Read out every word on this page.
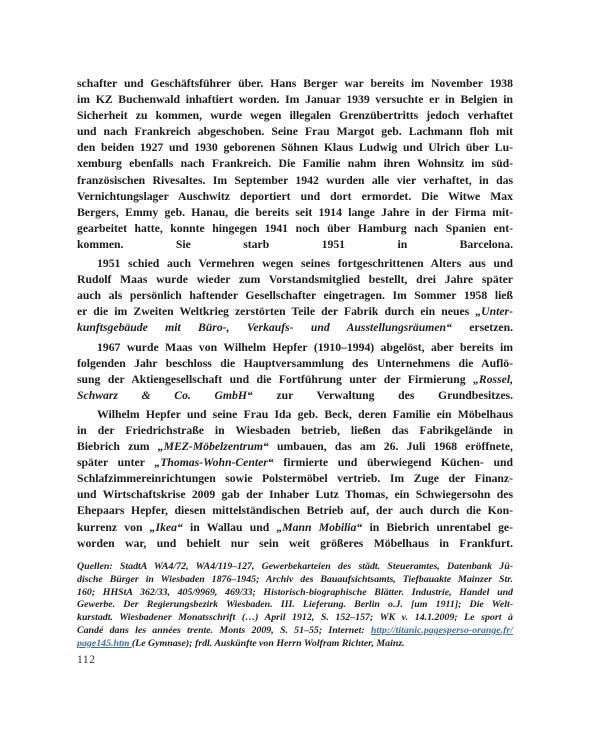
schafter und Geschäftsführer über. Hans Berger war bereits im November 1938
im KZ Buchenwald inhaftiert worden. Im Januar 1939 versuchte er in Belgien in
Sicherheit zu kommen, wurde wegen illegalen Grenzübertritts jedoch verhaftet
und nach Frankreich abgeschoben. Seine Frau Margot geb. Lachmann floh mit
den beiden 1927 und 1930 geborenen Söhnen Klaus Ludwig und Ulrich über Lu-
xemburg ebenfalls nach Frankreich. Die Familie nahm ihren Wohnsitz im süd-
französischen Rivesaltes. Im September 1942 wurden alle vier verhaftet, in das
Vernichtungslager Auschwitz deportiert und dort ermordet. Die Witwe Max
Bergers, Emmy geb. Hanau, die bereits seit 1914 lange Jahre in der Firma mit-
gearbeitet hatte, konnte hingegen 1941 noch über Hamburg nach Spanien ent-
kommen. Sie starb 1951 in Barcelona.
1951 schied auch Vermehren wegen seines fortgeschrittenen Alters aus und
Rudolf Maas wurde wieder zum Vorstandsmitglied bestellt, drei Jahre später
auch als persönlich haftender Gesellschafter eingetragen. Im Sommer 1958 ließ
er die im Zweiten Weltkrieg zerstörten Teile der Fabrik durch ein neues „Unter-
kunftsgebäude mit Büro-, Verkaufs- und Ausstellungsräumen“ ersetzen.
1967 wurde Maas von Wilhelm Hepfer (1910–1994) abgelöst, aber bereits im
folgenden Jahr beschloss die Hauptversammlung des Unternehmens die Auflö-
sung der Aktiengesellschaft und die Fortführung unter der Firmierung „Rossel,
Schwarz & Co. GmbH“ zur Verwaltung des Grundbesitzes.
Wilhelm Hepfer und seine Frau Ida geb. Beck, deren Familie ein Möbelhaus
in der Friedrichstraße in Wiesbaden betrieb, ließen das Fabrikgelände in
Biebrich zum „MEZ-Möbelzentrum“ umbauen, das am 26. Juli 1968 eröffnete,
später unter „Thomas-Wohn-Center“ firmierte und überwiegend Küchen- und
Schlafzimmereinrichtungen sowie Polstermöbel vertrieb. Im Zuge der Finanz-
und Wirtschaftskrise 2009 gab der Inhaber Lutz Thomas, ein Schwiegersohn des
Ehepaars Hepfer, diesen mittelständischen Betrieb auf, der auch durch die Kon-
kurrenz von „Ikea“ in Wallau und „Mann Mobilia“ in Biebrich unrentabel ge-
worden war, und behielt nur sein weit größeres Möbelhaus in Frankfurt.
Quellen: StadtA WA4/72, WA4/119–127, Gewerbekarteien des städt. Steueramtes, Datenbank Jü-
dische Bürger in Wiesbaden 1876–1945; Archiv des Bauaufsichtsamts, Tiefbauakte Mainzer Str.
160; HHStA 362/33, 405/9969, 469/33; Historisch-biographische Blätter. Industrie, Handel und
Gewerbe. Der Regierungsbezirk Wiesbaden. III. Lieferung. Berlin o.J. [um 1911]; Die Welt-
kurstadt. Wiesbadener Monatsschrift (…) April 1912, S. 152–157; WK v. 14.1.2009; Le sport à
Candé dans les années trente. Monts 2009, S. 51–55; Internet: http://titanic.pagesperso-orange.fr/
page145.htm (Le Gymnase); frdl. Auskünfte von Herrn Wolfram Richter, Mainz.
112
